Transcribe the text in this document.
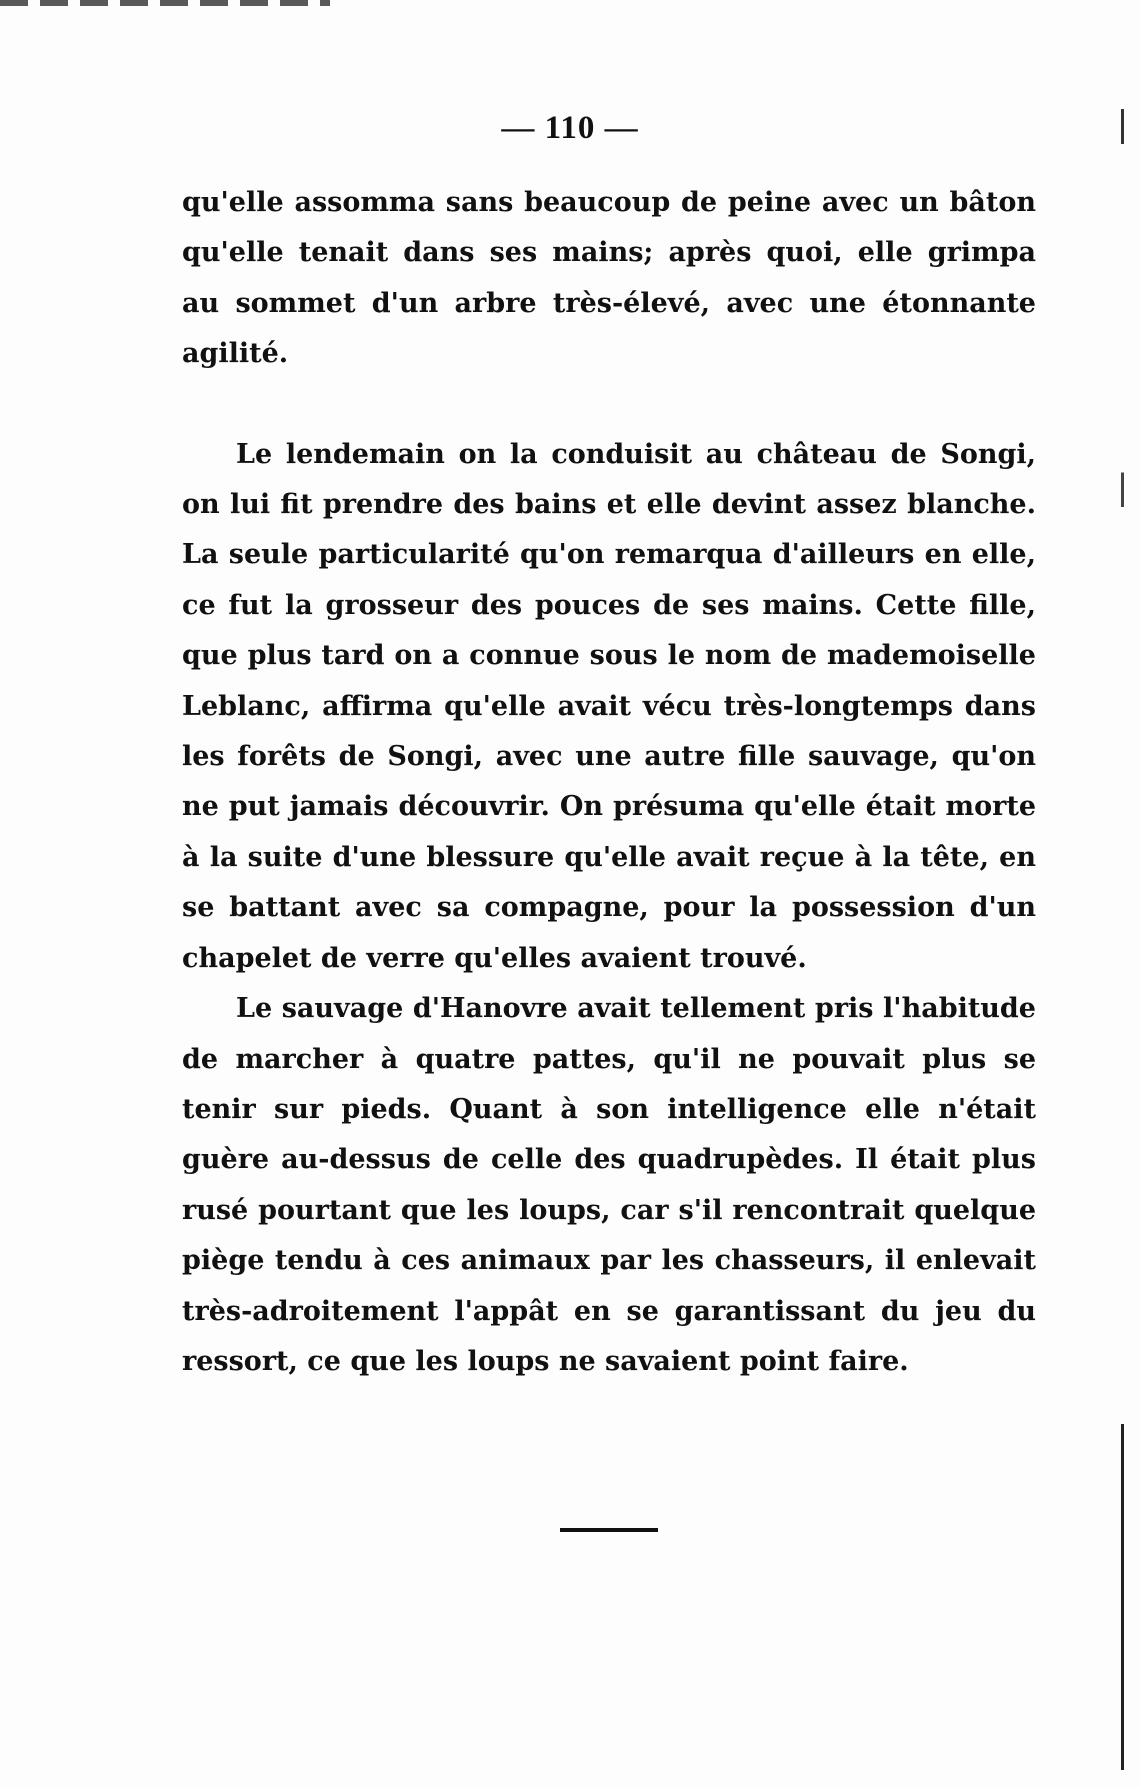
— 110 —

qu'elle assomma sans beaucoup de peine avec un bâton qu'elle tenait dans ses mains; après quoi, elle grimpa au sommet d'un arbre très-élevé, avec une étonnante agilité.

Le lendemain on la conduisit au château de Songi, on lui fit prendre des bains et elle devint assez blanche. La seule particularité qu'on remarqua d'ailleurs en elle, ce fut la grosseur des pouces de ses mains. Cette fille, que plus tard on a connue sous le nom de mademoiselle Leblanc, affirma qu'elle avait vécu très-longtemps dans les forêts de Songi, avec une autre fille sauvage, qu'on ne put jamais découvrir. On présuma qu'elle était morte à la suite d'une blessure qu'elle avait reçue à la tête, en se battant avec sa compagne, pour la possession d'un chapelet de verre qu'elles avaient trouvé.

Le sauvage d'Hanovre avait tellement pris l'habitude de marcher à quatre pattes, qu'il ne pouvait plus se tenir sur pieds. Quant à son intelligence elle n'était guère au-dessus de celle des quadrupèdes. Il était plus rusé pourtant que les loups, car s'il rencontrait quelque piège tendu à ces animaux par les chasseurs, il enlevait très-adroitement l'appât en se garantissant du jeu du ressort, ce que les loups ne savaient point faire.
